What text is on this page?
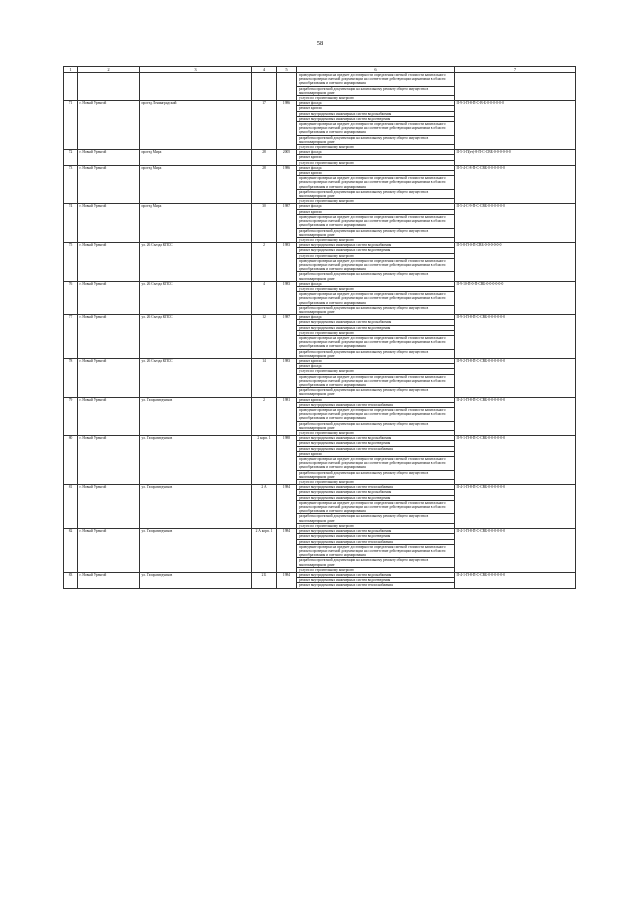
58
1	2	3	4	5	6	7
					проведение проверки на предмет достоверности определения сметной стоимости капитального ремонта проверки сметной документации на соответствие действующим нормативам в области ценообразования и сметного нормирования	
					разработка проектной документации на капитальному ремонту общего имущества в многоквартирном доме	
					услуги по строительному контролю	
71	г. Новый Уренгой	проезд Ленинградский	17	1986	ремонт фасада	II-9-3-П-8-П-С-В-Б-0-0-0-0-0-0
					ремонт кровли	
					ремонт внутридомовых инженерных систем водоснабжения	
					ремонт внутридомовых инженерных систем водоотведения	
					проведение проверки на предмет достоверности определения сметной стоимости капитального ремонта проверки сметной документации на соответствие действующим нормативам в области ценообразования и сметного нормирования	
					разработка проектной документации на капитальному ремонту общего имущества в многоквартирном доме	
					услуги по строительному контролю	
72	г. Новый Уренгой	проезд Мира	28	2005	ремонт фасада	II-5-3-П(ет)-8-П-С-СВБ-0-0-0-0-0-0
					ремонт кровли	
					услуги по строительному контролю	
73	г. Новый Уренгой	проезд Мира	28	1986	ремонт фасада	II-5-4-С-8-П-С-СВБ-0-0-0-0-0-0
					ремонт кровли	
					проведение проверки на предмет достоверности определения сметной стоимости капитального ремонта проверки сметной документации на соответствие действующим нормативам в области ценообразования и сметного нормирования	
					разработка проектной документации на капитальному ремонту общего имущества в многоквартирном доме	
					услуги по строительному контролю	
74	г. Новый Уренгой	проезд Мира	30	1987	ремонт фасада	II-5-4-С-9-П-С-СВБ-0-0-0-0-0-0
					ремонт кровли	
					проведение проверки на предмет достоверности определения сметной стоимости капитального ремонта проверки сметной документации на соответствие действующим нормативам в области ценообразования и сметного нормирования	
					разработка проектной документации на капитальному ремонту общего имущества в многоквартирном доме	
					услуги по строительному контролю	
75	г. Новый Уренгой	ул. 26 Съезда КПСС	2	1983	ремонт внутридомовых инженерных систем водоснабжения	II-5-8-П-0-П-СВБ-0-0-0-0-0-0
					ремонт внутридомовых инженерных систем водоотведения	
					услуги по строительному контролю	
					проведение проверки на предмет достоверности определения сметной стоимости капитального ремонта проверки сметной документации на соответствие действующим нормативам в области ценообразования и сметного нормирования	
					разработка проектной документации на капитальному ремонту общего имущества в многоквартирном доме	
76	г. Новый Уренгой	ул. 26 Съезда КПСС	4	1983	ремонт фасада	II-9-10-П-0-П-СВБ-0-0-0-0-0-0
					услуги по строительному контролю	
					проведение проверки на предмет достоверности определения сметной стоимости капитального ремонта проверки сметной документации на соответствие действующим нормативам в области ценообразования и сметного нормирования	
					разработка проектной документации на капитальному ремонту общего имущества в многоквартирном доме	
77	г. Новый Уренгой	ул. 26 Съезда КПСС	12	1987	ремонт фасада	II-9-3-П-8-П-С-СВБ-0-0-0-0-0-0
					ремонт внутридомовых инженерных систем водоснабжения	
					ремонт внутридомовых инженерных систем водоотведения	
					услуги по строительному контролю	
					проведение проверки на предмет достоверности определения сметной стоимости капитального ремонта проверки сметной документации на соответствие действующим нормативам в области ценообразования и сметного нормирования	
					разработка проектной документации на капитальному ремонту общего имущества в многоквартирном доме	
78	г. Новый Уренгой	ул. 26 Съезда КПСС	14	1983	ремонт кровли	II-9-2-П-8-П-С-СВБ-0-0-0-0-0-0
					ремонт фасада	
					услуги по строительному контролю	
					проведение проверки на предмет достоверности определения сметной стоимости капитального ремонта проверки сметной документации на соответствие действующим нормативам в области ценообразования и сметного нормирования	
					разработка проектной документации на капитальному ремонту общего имущества в многоквартирном доме	
79	г. Новый Уренгой	ул. Газоразведчиков	2	1981	ремонт кровли	II-4-1-П-8-П-С-СВБ-0-0-0-0-0-0
					ремонт внутридомовых инженерных систем теплоснабжения	
					проведение проверки на предмет достоверности определения сметной стоимости капитального ремонта проверки сметной документации на соответствие действующим нормативам в области ценообразования и сметного нормирования	
					разработка проектной документации на капитальному ремонту общего имущества в многоквартирном доме	
					услуги по строительному контролю	
80	г. Новый Уренгой	ул. Газоразведчиков	2 корп. 1	1988	ремонт внутридомовых инженерных систем водоснабжения	II-9-1-П-8-П-С-СВБ-0-0-0-0-0-0
					ремонт внутридомовых инженерных систем водоотведения	
					ремонт внутридомовых инженерных систем теплоснабжения	
					ремонт кровли	
					проведение проверки на предмет достоверности определения сметной стоимости капитального ремонта проверки сметной документации на соответствие действующим нормативам в области ценообразования и сметного нормирования	
					разработка проектной документации на капитальному ремонту общего имущества в многоквартирном доме	
					услуги по строительному контролю	
81	г. Новый Уренгой	ул. Газоразведчиков	2 А	1984	ремонт внутридомовых инженерных систем теплоснабжения	II-4-1-П-8-П-С-СВБ-0-0-0-0-0-0
					ремонт внутридомовых инженерных систем водоснабжения	
					ремонт внутридомовых инженерных систем водоотведения	
					проведение проверки на предмет достоверности определения сметной стоимости капитального ремонта проверки сметной документации на соответствие действующим нормативам в области ценообразования и сметного нормирования	
					разработка проектной документации на капитальному ремонту общего имущества в многоквартирном доме	
					услуги по строительному контролю	
82	г. Новый Уренгой	ул. Газоразведчиков	2 А корп. 1	1984	ремонт внутридомовых инженерных систем водоснабжения	II-4-1-П-8-П-С-СВБ-0-0-0-0-0-0
					ремонт внутридомовых инженерных систем водоотведения	
					ремонт внутридомовых инженерных систем теплоснабжения	
					проведение проверки на предмет достоверности определения сметной стоимости капитального ремонта проверки сметной документации на соответствие действующим нормативам в области ценообразования и сметного нормирования	
					разработка проектной документации на капитальному ремонту общего имущества в многоквартирном доме	
					услуги по строительному контролю	
83	г. Новый Уренгой	ул. Газоразведчиков	2 Б	1984	ремонт внутридомовых инженерных систем водоснабжения	II-4-1-П-8-П-С-СВБ-0-0-0-0-0-0
					ремонт внутридомовых инженерных систем водоотведения	
					ремонт внутридомовых инженерных систем теплоснабжения	
